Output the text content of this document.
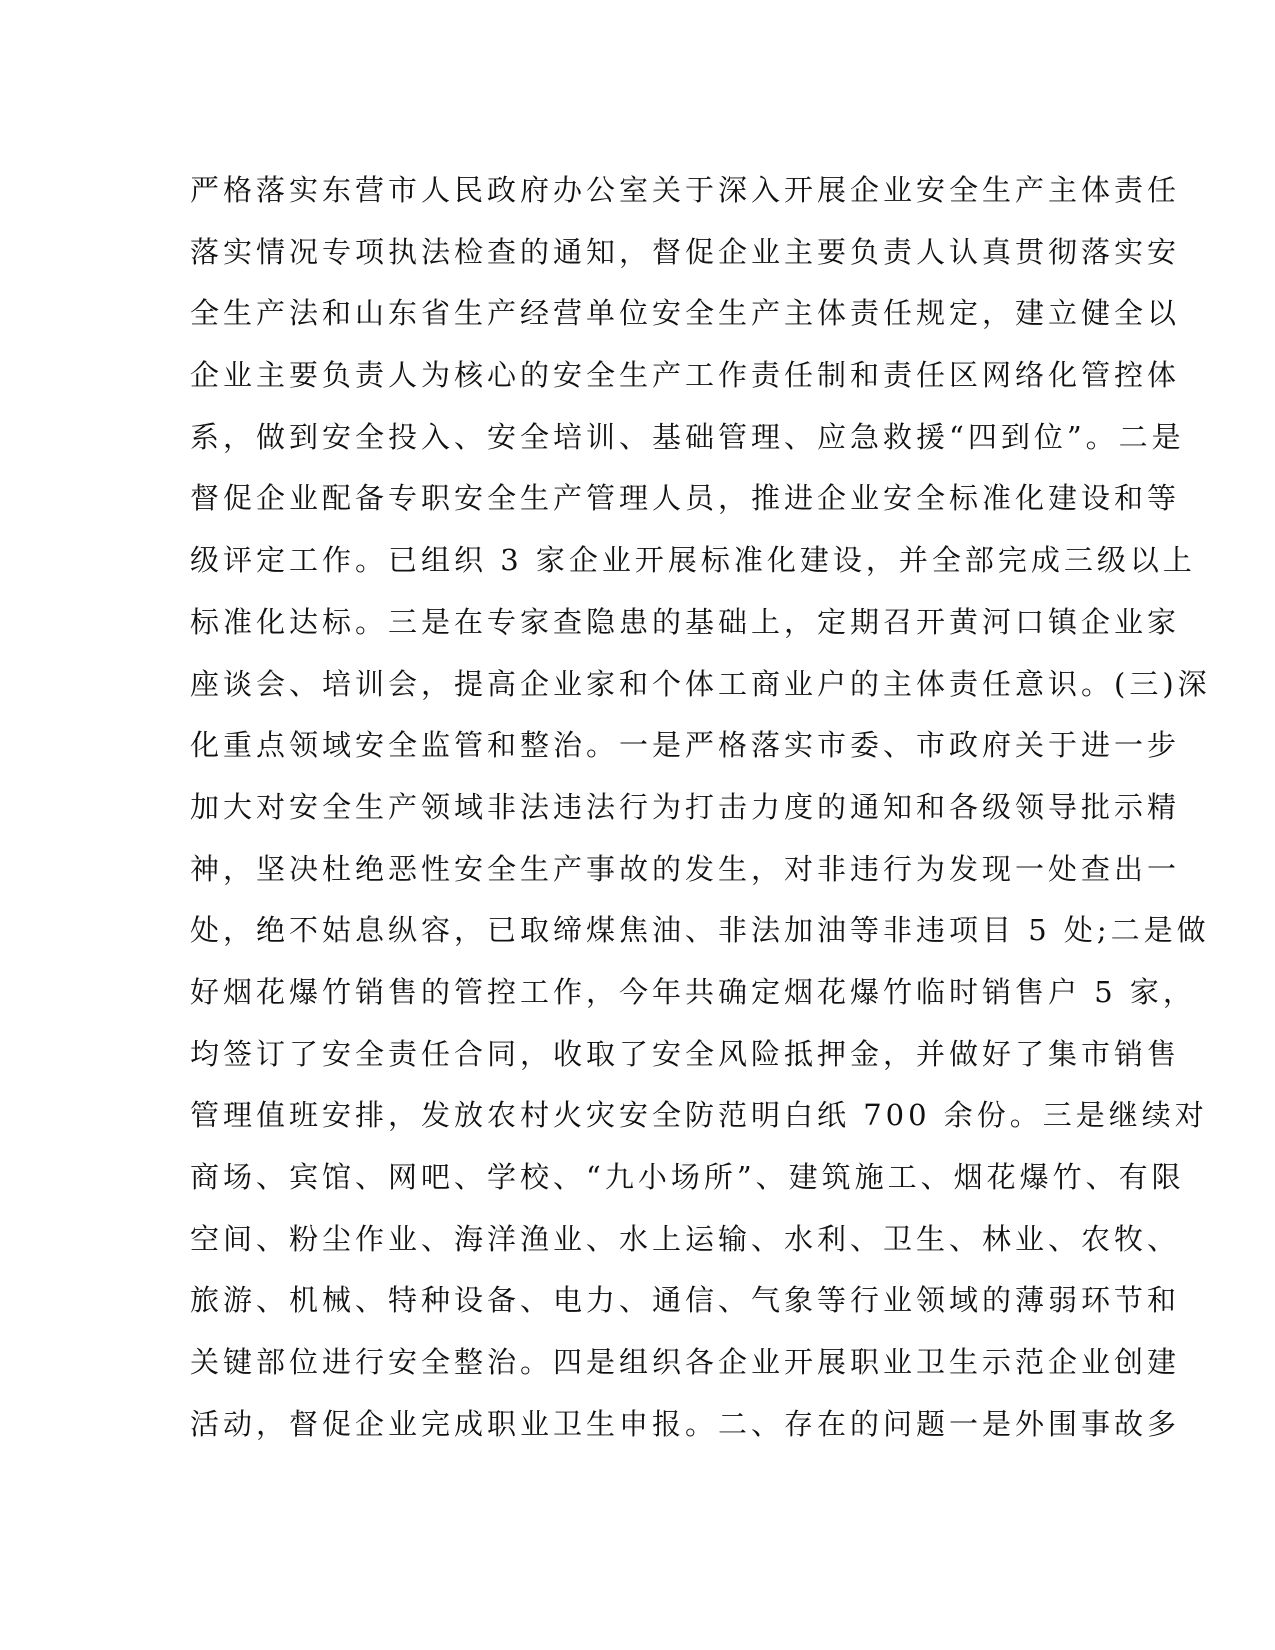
严格落实东营市人民政府办公室关于深入开展企业安全生产主体责任
落实情况专项执法检查的通知，督促企业主要负责人认真贯彻落实安
全生产法和山东省生产经营单位安全生产主体责任规定，建立健全以
企业主要负责人为核心的安全生产工作责任制和责任区网络化管控体
系，做到安全投入、安全培训、基础管理、应急救援“四到位”。二是
督促企业配备专职安全生产管理人员，推进企业安全标准化建设和等
级评定工作。已组织 3 家企业开展标准化建设，并全部完成三级以上
标准化达标。三是在专家查隐患的基础上，定期召开黄河口镇企业家
座谈会、培训会，提高企业家和个体工商业户的主体责任意识。(三)深
化重点领域安全监管和整治。一是严格落实市委、市政府关于进一步
加大对安全生产领域非法违法行为打击力度的通知和各级领导批示精
神，坚决杜绝恶性安全生产事故的发生，对非违行为发现一处查出一
处，绝不姑息纵容，已取缔煤焦油、非法加油等非违项目 5 处;二是做
好烟花爆竹销售的管控工作，今年共确定烟花爆竹临时销售户 5 家，
均签订了安全责任合同，收取了安全风险抵押金，并做好了集市销售
管理值班安排，发放农村火灾安全防范明白纸 700 余份。三是继续对
商场、宾馆、网吧、学校、“九小场所”、建筑施工、烟花爆竹、有限
空间、粉尘作业、海洋渔业、水上运输、水利、卫生、林业、农牧、
旅游、机械、特种设备、电力、通信、气象等行业领域的薄弱环节和
关键部位进行安全整治。四是组织各企业开展职业卫生示范企业创建
活动，督促企业完成职业卫生申报。二、存在的问题一是外围事故多
